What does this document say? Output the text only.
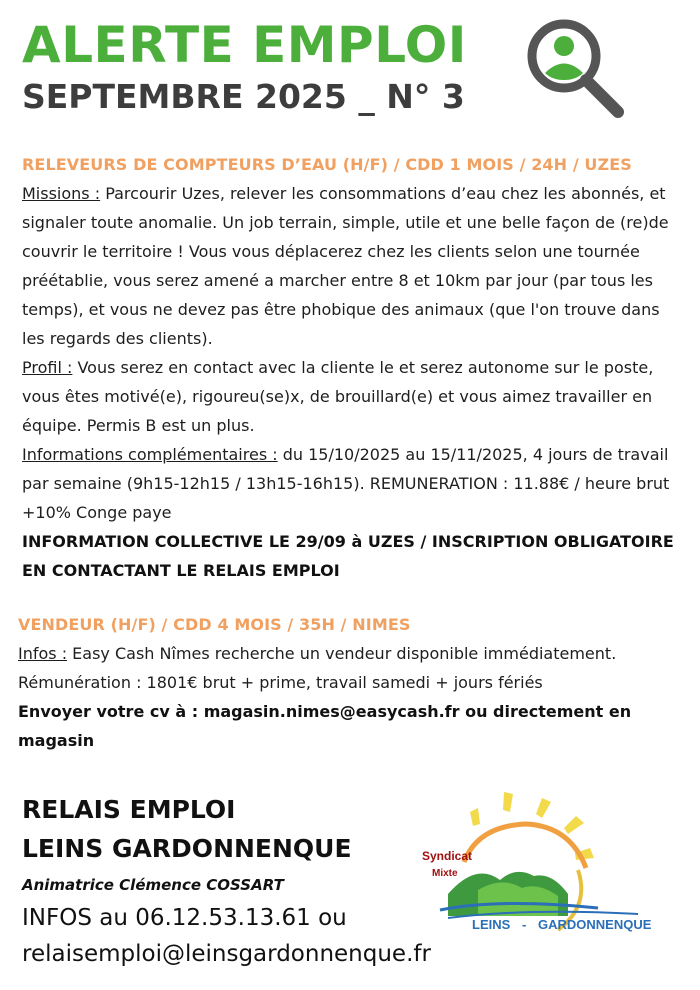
ALERTE EMPLOI
SEPTEMBRE 2025 _ N° 3
RELEVEURS DE COMPTEURS D’EAU (H/F) / CDD 1 MOIS / 24H / UZES

Missions : Parcourir Uzes, relever les consommations d’eau chez les abonnés, et signaler toute anomalie. Un job terrain, simple, utile et une belle façon de (re)de couvrir le territoire ! Vous vous déplacerez chez les clients selon une tournée préétablie, vous serez amené a marcher entre 8 et 10km par jour (par tous les temps), et vous ne devez pas être phobique des animaux (que l'on trouve dans les regards des clients).

Profil : Vous serez en contact avec la cliente le et serez autonome sur le poste, vous êtes motivé(e), rigoureu(se)x, de brouillard(e) et vous aimez travailler en équipe. Permis B est un plus.

Informations complémentaires : du 15/10/2025 au 15/11/2025, 4 jours de travail par semaine (9h15-12h15 / 13h15-16h15). REMUNERATION : 11.88€ / heure brut +10% Conge paye

INFORMATION COLLECTIVE LE 29/09 à UZES / INSCRIPTION OBLIGATOIRE EN CONTACTANT LE RELAIS EMPLOI

VENDEUR (H/F) / CDD 4 MOIS / 35H / NIMES

Infos : Easy Cash Nîmes recherche un vendeur disponible immédiatement.

Rémunération : 1801€ brut + prime, travail samedi + jours fériés

Envoyer votre cv à : magasin.nimes@easycash.fr ou directement en magasin

RELAIS EMPLOI

LEINS GARDONNENQUE

Animatrice Clémence COSSART

INFOS au 06.12.53.13.61 ou

relaisemploi@leinsgardonnenque.fr

Syndicat
Mixte
LEINS - GARDONNENQUE
